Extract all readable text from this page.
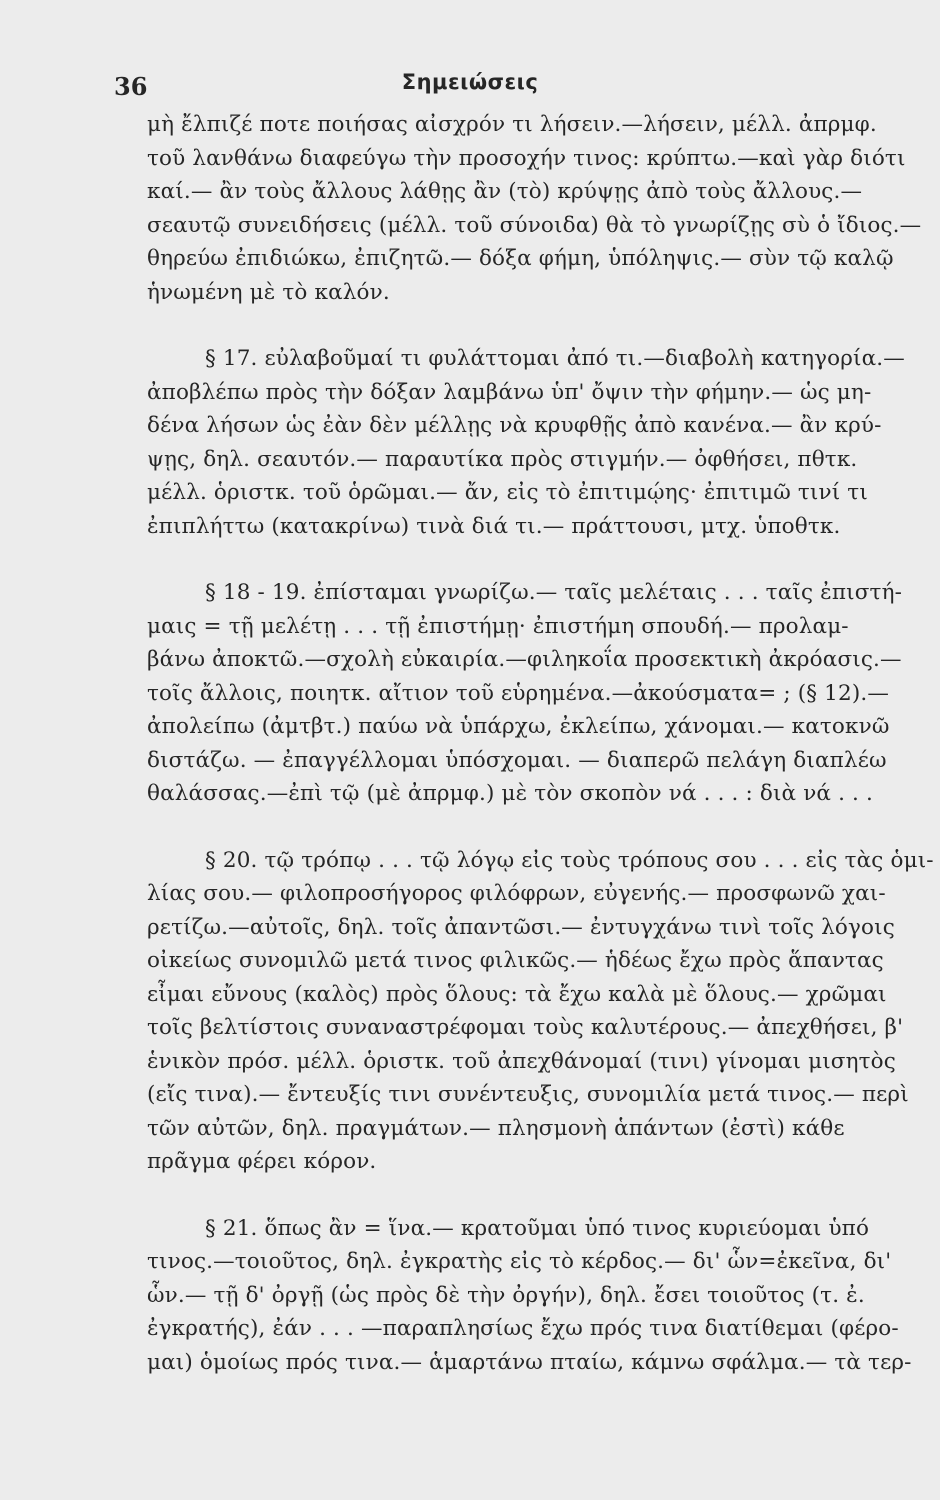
36	Σημειώσεις
μὴ ἔλπιζέ ποτε ποιήσας αἰσχρόν τι λήσειν.—λήσειν, μέλλ. ἀπρμφ.
τοῦ λανθάνω διαφεύγω τὴν προσοχήν τινος: κρύπτω.—καὶ γὰρ διότι
καί.— ἂν τοὺς ἄλλους λάθῃς ἂν (τὸ) κρύψῃς ἀπὸ τοὺς ἄλλους.—
σεαυτῷ συνειδήσεις (μέλλ. τοῦ σύνοιδα) θὰ τὸ γνωρίζῃς σὺ ὁ ἴδιος.—
θηρεύω ἐπιδιώκω, ἐπιζητῶ.— δόξα φήμη, ὑπόληψις.— σὺν τῷ καλῷ
ἡνωμένη μὲ τὸ καλόν.
§ 17. εὐλαβοῦμαί τι φυλάττομαι ἀπό τι.—διαβολὴ κατηγορία.—
ἀποβλέπω πρὸς τὴν δόξαν λαμβάνω ὑπ' ὄψιν τὴν φήμην.— ὡς μη-
δένα λήσων ὡς ἐὰν δὲν μέλλῃς νὰ κρυφθῇς ἀπὸ κανένα.— ἂν κρύ-
ψῃς, δηλ. σεαυτόν.— παραυτίκα πρὸς στιγμήν.— ὀφθήσει, πθτκ.
μέλλ. ὁριστκ. τοῦ ὁρῶμαι.— ἄν, εἰς τὸ ἐπιτιμῴης· ἐπιτιμῶ τινί τι
ἐπιπλήττω (κατακρίνω) τινὰ διά τι.— πράττουσι, μτχ. ὑποθτκ.
§ 18 - 19. ἐπίσταμαι γνωρίζω.— ταῖς μελέταις . . . ταῖς ἐπιστή-
μαις = τῇ μελέτῃ . . . τῇ ἐπιστήμῃ· ἐπιστήμη σπουδή.— προλαμ-
βάνω ἀποκτῶ.—σχολὴ εὐκαιρία.—φιληκοΐα προσεκτικὴ ἀκρόασις.—
τοῖς ἄλλοις, ποιητκ. αἴτιον τοῦ εὑρημένα.—ἀκούσματα= ; (§ 12).—
ἀπολείπω (ἀμτβτ.) παύω νὰ ὑπάρχω, ἐκλείπω, χάνομαι.— κατοκνῶ
διστάζω. — ἐπαγγέλλομαι ὑπόσχομαι. — διαπερῶ πελάγη διαπλέω
θαλάσσας.—ἐπὶ τῷ (μὲ ἀπρμφ.) μὲ τὸν σκοπὸν νά . . . : διὰ νά . . .
§ 20. τῷ τρόπῳ . . . τῷ λόγῳ εἰς τοὺς τρόπους σου . . . εἰς τὰς ὁμι-
λίας σου.— φιλοπροσήγορος φιλόφρων, εὐγενής.— προσφωνῶ χαι-
ρετίζω.—αὐτοῖς, δηλ. τοῖς ἀπαντῶσι.— ἐντυγχάνω τινὶ τοῖς λόγοις
οἰκείως συνομιλῶ μετά τινος φιλικῶς.— ἡδέως ἔχω πρὸς ἅπαντας
εἶμαι εὔνους (καλὸς) πρὸς ὅλους: τὰ ἔχω καλὰ μὲ ὅλους.— χρῶμαι
τοῖς βελτίστοις συναναστρέφομαι τοὺς καλυτέρους.— ἀπεχθήσει, β'
ἑνικὸν πρόσ. μέλλ. ὁριστκ. τοῦ ἀπεχθάνομαί (τινι) γίνομαι μισητὸς
(εἴς τινα).— ἔντευξίς τινι συνέντευξις, συνομιλία μετά τινος.— περὶ
τῶν αὐτῶν, δηλ. πραγμάτων.— πλησμονὴ ἁπάντων (ἐστὶ) κάθε
πρᾶγμα φέρει κόρον.
§ 21. ὅπως ἂν = ἵνα.— κρατοῦμαι ὑπό τινος κυριεύομαι ὑπό
τινος.—τοιοῦτος, δηλ. ἐγκρατὴς εἰς τὸ κέρδος.— δι' ὧν=ἐκεῖνα, δι'
ὧν.— τῇ δ' ὀργῇ (ὡς πρὸς δὲ τὴν ὀργήν), δηλ. ἔσει τοιοῦτος (τ. ἐ.
ἐγκρατής), ἐάν . . . —παραπλησίως ἔχω πρός τινα διατίθεμαι (φέρο-
μαι) ὁμοίως πρός τινα.— ἁμαρτάνω πταίω, κάμνω σφάλμα.— τὰ τερ-
